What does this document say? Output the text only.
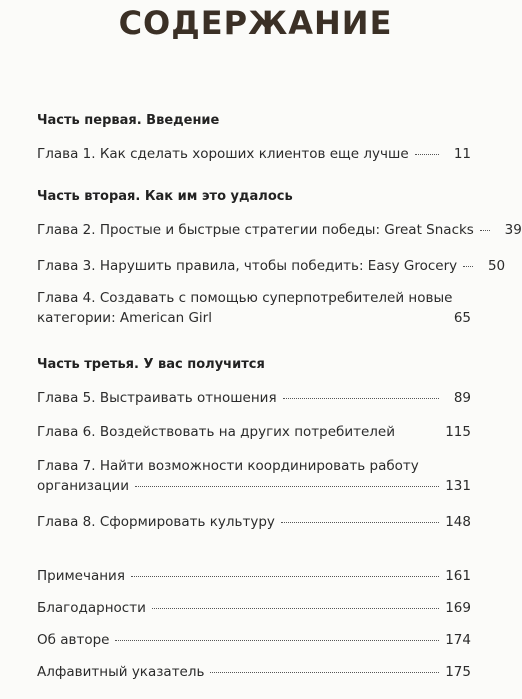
СОДЕРЖАНИЕ
Часть первая. Введение
Глава 1. Как сделать хороших клиентов еще лучше	11
Часть вторая. Как им это удалось
Глава 2. Простые и быстрые стратегии победы: Great Snacks	39
Глава 3. Нарушить правила, чтобы победить: Easy Grocery	50
Глава 4. Создавать с помощью суперпотребителей новые
категории: American Girl	65
Часть третья. У вас получится
Глава 5. Выстраивать отношения	89
Глава 6. Воздействовать на других потребителей	115
Глава 7. Найти возможности координировать работу
организации	131
Глава 8. Сформировать культуру	148
Примечания	161
Благодарности	169
Об авторе	174
Алфавитный указатель	175
